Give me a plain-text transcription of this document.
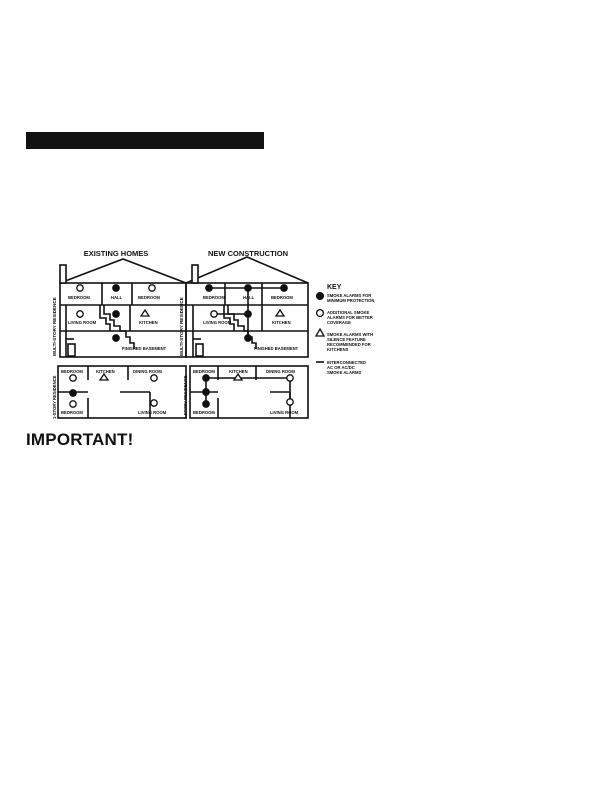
EXISTING HOMES	NEW CONSTRUCTION
MULTI-STORY RESIDENCE
1-STORY RESIDENCE
MULTI-STORY RESIDENCE
1-STORY RESIDENCE
BEDROOM	HALL	BEDROOM
LIVING ROOM	KITCHEN
FINISHED BASEMENT
BEDROOM	KITCHEN	DINING ROOM
BEDROOM	LIVING ROOM
BEDROOM	HALL	BEDROOM
LIVING ROOM	KITCHEN
FINISHED BASEMENT
BEDROOM	KITCHEN	DINING ROOM
BEDROOM	LIVING ROOM
KEY
SMOKE ALARMS FOR
MINIMUM PROTECTION
ADDITIONAL SMOKE
ALARMS FOR BETTER
COVERAGE
SMOKE ALARMS WITH
SILENCE FEATURE
RECOMMENDED FOR
KITCHENS
INTERCONNECTED
AC OR AC/DC
SMOKE ALARMS
IMPORTANT!
